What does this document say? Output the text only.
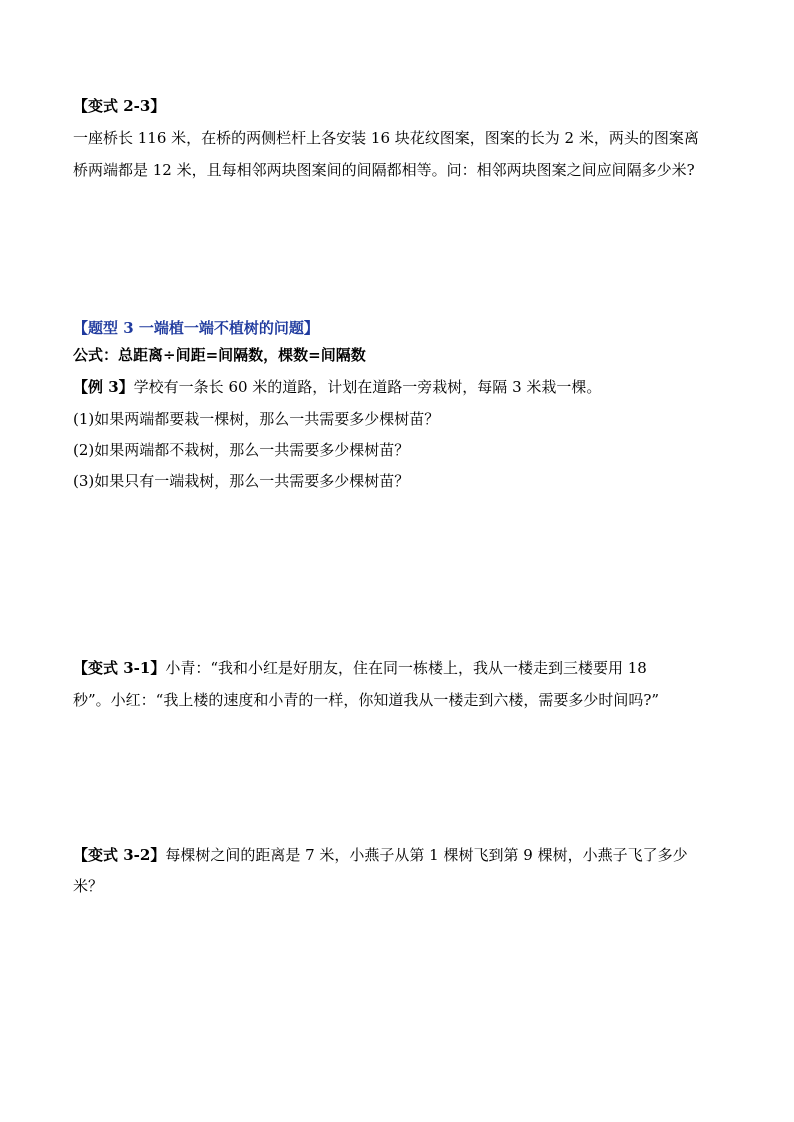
【变式 2-3】
一座桥长 116 米，在桥的两侧栏杆上各安装 16 块花纹图案，图案的长为 2 米，两头的图案离
桥两端都是 12 米，且每相邻两块图案间的间隔都相等。问：相邻两块图案之间应间隔多少米?
【题型 3 一端植一端不植树的问题】
公式：总距离÷间距=间隔数，棵数=间隔数
【例 3】学校有一条长 60 米的道路，计划在道路一旁栽树，每隔 3 米栽一棵。
(1)如果两端都要栽一棵树，那么一共需要多少棵树苗？
(2)如果两端都不栽树，那么一共需要多少棵树苗？
(3)如果只有一端栽树，那么一共需要多少棵树苗？
【变式 3-1】小青：“我和小红是好朋友，住在同一栋楼上，我从一楼走到三楼要用 18
秒”。小红：“我上楼的速度和小青的一样，你知道我从一楼走到六楼，需要多少时间吗?”
【变式 3-2】每棵树之间的距离是 7 米，小燕子从第 1 棵树飞到第 9 棵树，小燕子飞了多少
米？
